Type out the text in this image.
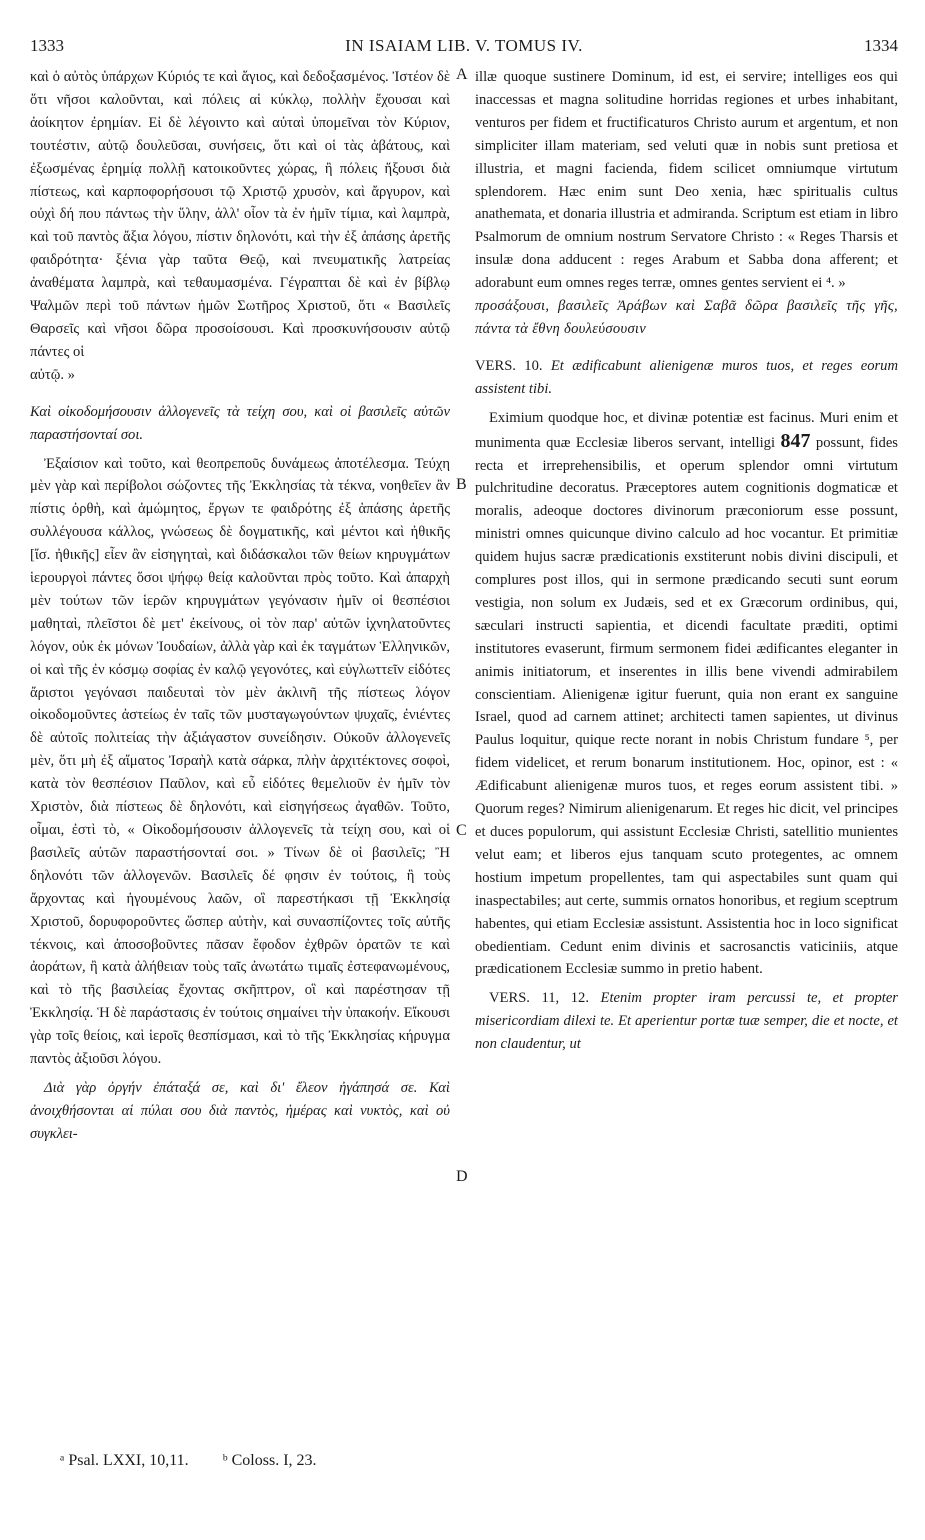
1333	IN ISAIAM LIB. V. TOMUS IV.	1334
A
B
C
D

καὶ ὁ αὐτὸς ὑπάρχων Κύριός τε καὶ ἅγιος, καὶ δεδοξασμένος. Ἰστέον δὲ ὅτι νῆσοι καλοῦνται, καὶ πόλεις αἱ κύκλῳ, πολλὴν ἔχουσαι καὶ ἀοίκητον ἐρημίαν. Εἰ δὲ λέγοιντο καὶ αὐταὶ ὑπομεῖναι τὸν Κύριον, τουτέστιν, αὐτῷ δουλεῦσαι, συνήσεις, ὅτι καὶ οἱ τὰς ἀβάτους, καὶ ἐξωσμένας ἐρημίᾳ πολλῇ κατοικοῦντες χώρας, ἢ πόλεις ἥξουσι διὰ πίστεως, καὶ καρποφορήσουσι τῷ Χριστῷ χρυσὸν, καὶ ἄργυρον, καὶ οὐχὶ δή που πάντως τὴν ὕλην, ἀλλ' οἷον τὰ ἐν ἡμῖν τίμια, καὶ λαμπρὰ, καὶ τοῦ παντὸς ἄξια λόγου, πίστιν δηλονότι, καὶ τὴν ἐξ ἁπάσης ἀρετῆς φαιδρότητα· ξένια γὰρ ταῦτα Θεῷ, καὶ πνευματικῆς λατρείας ἀναθέματα λαμπρὰ, καὶ τεθαυμασμένα. Γέγραπται δὲ καὶ ἐν βίβλῳ Ψαλμῶν περὶ τοῦ πάντων ἡμῶν Σωτῆρος Χριστοῦ, ὅτι « Βασιλεῖς Θαρσεῖς καὶ νῆσοι δῶρα προσοίσουσι. Καὶ προσκυνήσουσιν αὐτῷ πάντες οἱ

αὐτῷ. »

Καὶ οἰκοδομήσουσιν ἀλλογενεῖς τὰ τείχη σου, καὶ οἱ βασιλεῖς αὐτῶν παραστήσονταί σοι.

Ἐξαίσιον καὶ τοῦτο, καὶ θεοπρεποῦς δυνάμεως ἀποτέλεσμα. Τεύχη μὲν γὰρ καὶ περίβολοι σώζοντες τῆς Ἐκκλησίας τὰ τέκνα, νοηθεῖεν ἂν πίστις ὀρθὴ, καὶ ἀμώμητος, ἔργων τε φαιδρότης ἐξ ἁπάσης ἀρετῆς συλλέγουσα κάλλος, γνώσεως δὲ δογματικῆς, καὶ μέντοι καὶ ἠθικῆς [ἴσ. ἠθικῆς] εἶεν ἂν εἰσηγηταὶ, καὶ διδάσκαλοι τῶν θείων κηρυγμάτων ἱερουργοὶ πάντες ὅσοι ψήφῳ θείᾳ καλοῦνται πρὸς τοῦτο. Καὶ ἀπαρχὴ μὲν τούτων τῶν ἱερῶν κηρυγμάτων γεγόνασιν ἡμῖν οἱ θεσπέσιοι μαθηταὶ, πλεῖστοι δὲ μετ' ἐκείνους, οἱ τὸν παρ' αὐτῶν ἰχνηλατοῦντες λόγον, οὐκ ἐκ μόνων Ἰουδαίων, ἀλλὰ γὰρ καὶ ἐκ ταγμάτων Ἑλληνικῶν, οἱ καὶ τῆς ἐν κόσμῳ σοφίας ἐν καλῷ γεγονότες, καὶ εὐγλωττεῖν εἰδότες ἄριστοι γεγόνασι παιδευταὶ τὸν μὲν ἀκλινῆ τῆς πίστεως λόγον οἰκοδομοῦντες ἀστείως ἐν ταῖς τῶν μυσταγωγούντων ψυχαῖς, ἐνιέντες δὲ αὐτοῖς πολιτείας τὴν ἀξιάγαστον συνείδησιν. Οὐκοῦν ἀλλογενεῖς μὲν, ὅτι μὴ ἐξ αἵματος Ἰσραὴλ κατὰ σάρκα, πλὴν ἀρχιτέκτονες σοφοὶ, κατὰ τὸν θεσπέσιον Παῦλον, καὶ εὖ εἰδότες θεμελιοῦν ἐν ἡμῖν τὸν Χριστὸν, διὰ πίστεως δὲ δηλονότι, καὶ εἰσηγήσεως ἀγαθῶν. Τοῦτο, οἶμαι, ἐστὶ τὸ, « Οἰκοδομήσουσιν ἀλλογενεῖς τὰ τείχη σου, καὶ οἱ βασιλεῖς αὐτῶν παραστήσονταί σοι. » Τίνων δὲ οἱ βασιλεῖς; Ἢ δηλονότι τῶν ἀλλογενῶν. Βασιλεῖς δέ φησιν ἐν τούτοις, ἢ τοὺς ἄρχοντας καὶ ἡγουμένους λαῶν, οἳ παρεστήκασι τῇ Ἐκκλησίᾳ Χριστοῦ, δορυφοροῦντες ὥσπερ αὐτὴν, καὶ συνασπίζοντες τοῖς αὐτῆς τέκνοις, καὶ ἀποσοβοῦντες πᾶσαν ἔφοδον ἐχθρῶν ὁρατῶν τε καὶ ἀοράτων, ἢ κατὰ ἀλήθειαν τοὺς ταῖς ἀνωτάτω τιμαῖς ἐστεφανωμένους, καὶ τὸ τῆς βασιλείας ἔχοντας σκῆπτρον, οἳ καὶ παρέστησαν τῇ Ἐκκλησίᾳ. Ἡ δὲ παράστασις ἐν τούτοις σημαίνει τὴν ὑπακοήν. Εἴκουσι γὰρ τοῖς θείοις, καὶ ἱεροῖς θεσπίσμασι, καὶ τὸ τῆς Ἐκκλησίας κήρυγμα παντὸς ἀξιοῦσι λόγου.

Διὰ γὰρ ὀργήν ἐπάταξά σε, καὶ δι' ἔλεον ἠγάπησά σε. Καὶ ἀνοιχθήσονται αἱ πύλαι σου διὰ παντὸς, ἡμέρας καὶ νυκτὸς, καὶ οὐ συγκλει-

illæ quoque sustinere Dominum, id est, ei servire; intelliges eos qui inaccessas et magna solitudine horridas regiones et urbes inhabitant, venturos per fidem et fructificaturos Christo aurum et argentum, et non simpliciter illam materiam, sed veluti quæ in nobis sunt pretiosa et illustria, et magni facienda, fidem scilicet omniumque virtutum splendorem. Hæc enim sunt Deo xenia, hæc spiritualis cultus anathemata, et donaria illustria et admiranda. Scriptum est etiam in libro Psalmorum de omnium nostrum Servatore Christo : « Reges Tharsis et insulæ dona adducent : reges Arabum et Sabba dona afferent; et adorabunt eum omnes reges terræ, omnes gentes servient ei ⁴. »

προσάξουσι, βασιλεῖς Ἀράβων καὶ Σαβᾶ δῶρα βασιλεῖς τῆς γῆς, πάντα τὰ ἔθνη δουλεύσουσιν

VERS. 10. Et ædificabunt alienigenæ muros tuos, et reges eorum assistent tibi.

Eximium quodque hoc, et divinæ potentiæ est facinus. Muri enim et munimenta quæ Ecclesiæ liberos servant, intelligi 847 possunt, fides recta et irreprehensibilis, et operum splendor omni virtutum pulchritudine decoratus. Præceptores autem cognitionis dogmaticæ et moralis, adeoque doctores divinorum præconiorum esse possunt, ministri omnes quicunque divino calculo ad hoc vocantur. Et primitiæ quidem hujus sacræ prædicationis exstiterunt nobis divini discipuli, et complures post illos, qui in sermone prædicando secuti sunt eorum vestigia, non solum ex Judæis, sed et ex Græcorum ordinibus, qui, sæculari instructi sapientia, et dicendi facultate præditi, optimi institutores evaserunt, firmum sermonem fidei ædificantes eleganter in animis initiatorum, et inserentes in illis bene vivendi admirabilem conscientiam. Alienigenæ igitur fuerunt, quia non erant ex sanguine Israel, quod ad carnem attinet; architecti tamen sapientes, ut divinus Paulus loquitur, quique recte norant in nobis Christum fundare ⁵, per fidem videlicet, et rerum bonarum institutionem. Hoc, opinor, est : « Ædificabunt alienigenæ muros tuos, et reges eorum assistent tibi. » Quorum reges? Nimirum alienigenarum. Et reges hic dicit, vel principes et duces populorum, qui assistunt Ecclesiæ Christi, satellitio munientes velut eam; et liberos ejus tanquam scuto protegentes, ac omnem hostium impetum propellentes, tam qui aspectabiles sunt quam qui inaspectabiles; aut certe, summis ornatos honoribus, et regium sceptrum habentes, qui etiam Ecclesiæ assistunt. Assistentia hoc in loco significat obedientiam. Cedunt enim divinis et sacrosanctis vaticiniis, atque prædicationem Ecclesiæ summo in pretio habent.

VERS. 11, 12. Etenim propter iram percussi te, et propter misericordiam dilexi te. Et aperientur portæ tuæ semper, die et nocte, et non claudentur, ut

ᵃ Psal. LXXI, 10,11. ᵇ Coloss. I, 23.
